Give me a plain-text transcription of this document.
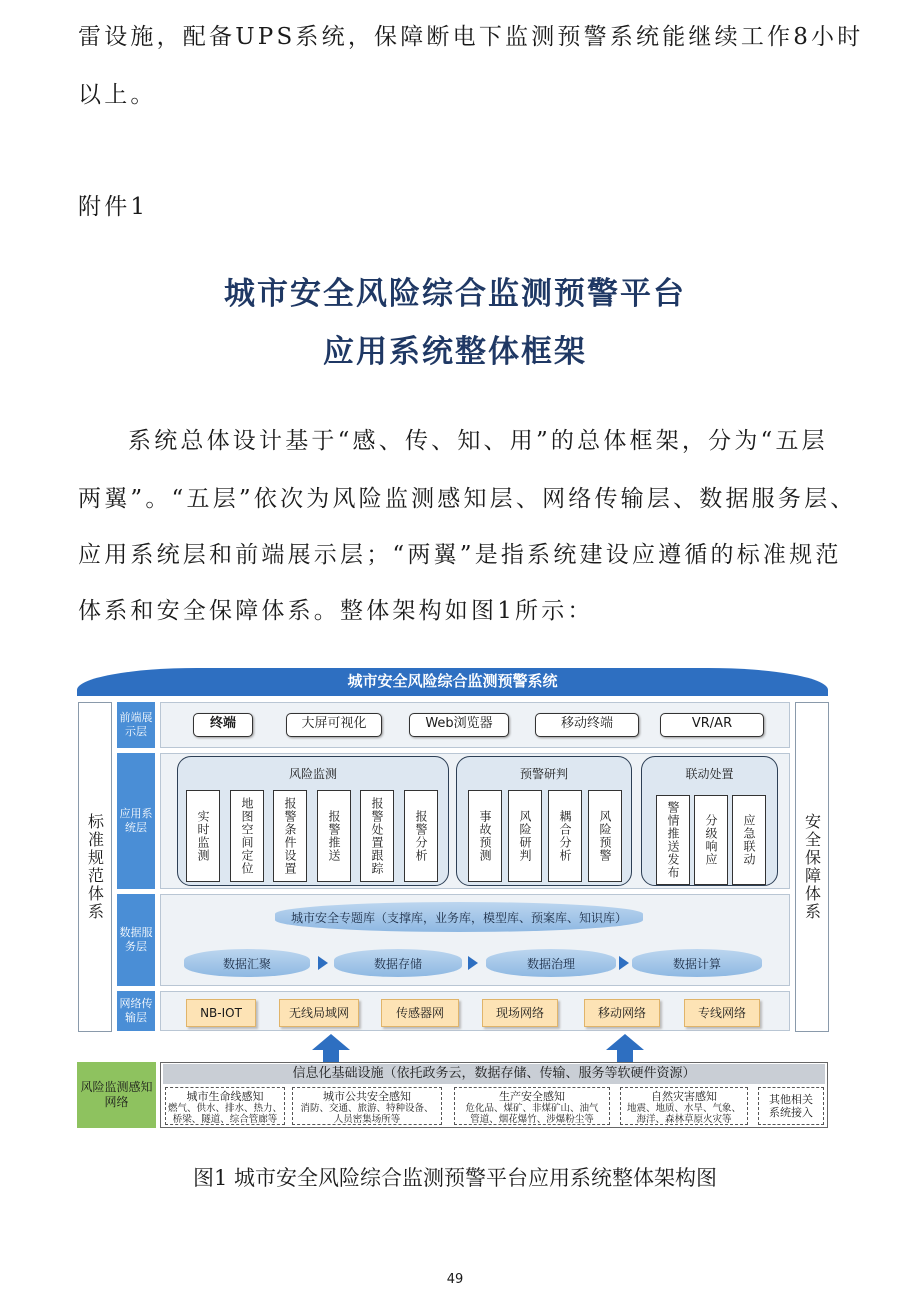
雷设施，配备UPS系统，保障断电下监测预警系统能继续工作8小时
以上。
附件1
城市安全风险综合监测预警平台
应用系统整体框架
系统总体设计基于“感、传、知、用”的总体框架，分为“五层
两翼”。“五层”依次为风险监测感知层、网络传输层、数据服务层、
应用系统层和前端展示层；“两翼”是指系统建设应遵循的标准规范
体系和安全保障体系。整体架构如图1所示：
城市安全风险综合监测预警系统
标准规范体系	安全保障体系
前端展示层
终端	大屏可视化	Web浏览器	移动终端	VR/AR
应用系统层
风险监测
实时监测	地图空间定位	报警条件设置	报警推送	报警处置跟踪	报警分析
预警研判
事故预测	风险研判	耦合分析	风险预警
联动处置
警情推送发布	分级响应	应急联动
数据服务层
城市安全专题库（支撑库，业务库，模型库、预案库、知识库）
数据汇聚	数据存储	数据治理	数据计算
网络传输层	NB-IOT	无线局域网	传感器网	现场网络	移动网络	专线网络
风险监测感知网络
信息化基础设施（依托政务云，数据存储、传输、服务等软硬件资源）
城市生命线感知
燃气、供水、排水、热力、
桥梁、隧道、综合管廊等
城市公共安全感知
消防、交通、旅游、特种设备、
人员密集场所等
生产安全感知
危化品、煤矿、非煤矿山、油气
管道、烟花爆竹、涉爆粉尘等
自然灾害感知
地震、地质、水旱、气象、
海洋、森林草原火灾等
其他相关
系统接入
图1 城市安全风险综合监测预警平台应用系统整体架构图
49
